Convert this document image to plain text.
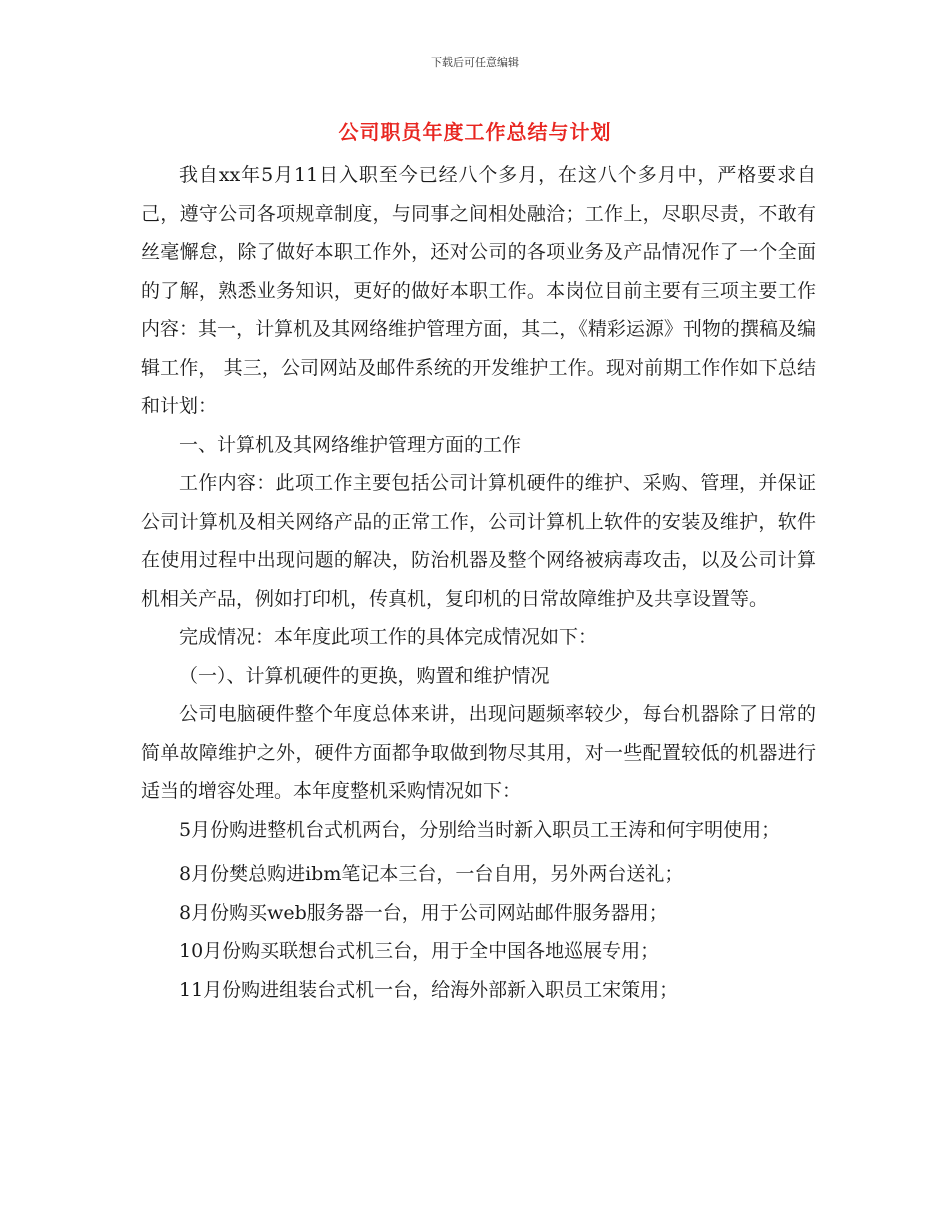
下载后可任意编辑
公司职员年度工作总结与计划

我自xx年5月11日入职至今已经八个多月，在这八个多月中，严格要求自己，遵守公司各项规章制度，与同事之间相处融洽；工作上，尽职尽责，不敢有丝毫懈怠，除了做好本职工作外，还对公司的各项业务及产品情况作了一个全面的了解，熟悉业务知识，更好的做好本职工作。本岗位目前主要有三项主要工作内容：其一，计算机及其网络维护管理方面，其二，《精彩运源》刊物的撰稿及编辑工作， 其三，公司网站及邮件系统的开发维护工作。现对前期工作作如下总结和计划：

一、计算机及其网络维护管理方面的工作

工作内容：此项工作主要包括公司计算机硬件的维护、采购、管理，并保证公司计算机及相关网络产品的正常工作，公司计算机上软件的安装及维护，软件在使用过程中出现问题的解决，防治机器及整个网络被病毒攻击，以及公司计算机相关产品，例如打印机，传真机，复印机的日常故障维护及共享设置等。

完成情况：本年度此项工作的具体完成情况如下：

（一）、计算机硬件的更换，购置和维护情况

公司电脑硬件整个年度总体来讲，出现问题频率较少，每台机器除了日常的简单故障维护之外，硬件方面都争取做到物尽其用，对一些配置较低的机器进行适当的增容处理。本年度整机采购情况如下：

5月份购进整机台式机两台，分别给当时新入职员工王涛和何宇明使用；

8月份樊总购进ibm笔记本三台，一台自用，另外两台送礼；

8月份购买web服务器一台，用于公司网站邮件服务器用；

10月份购买联想台式机三台，用于全中国各地巡展专用；

11月份购进组装台式机一台，给海外部新入职员工宋策用；
